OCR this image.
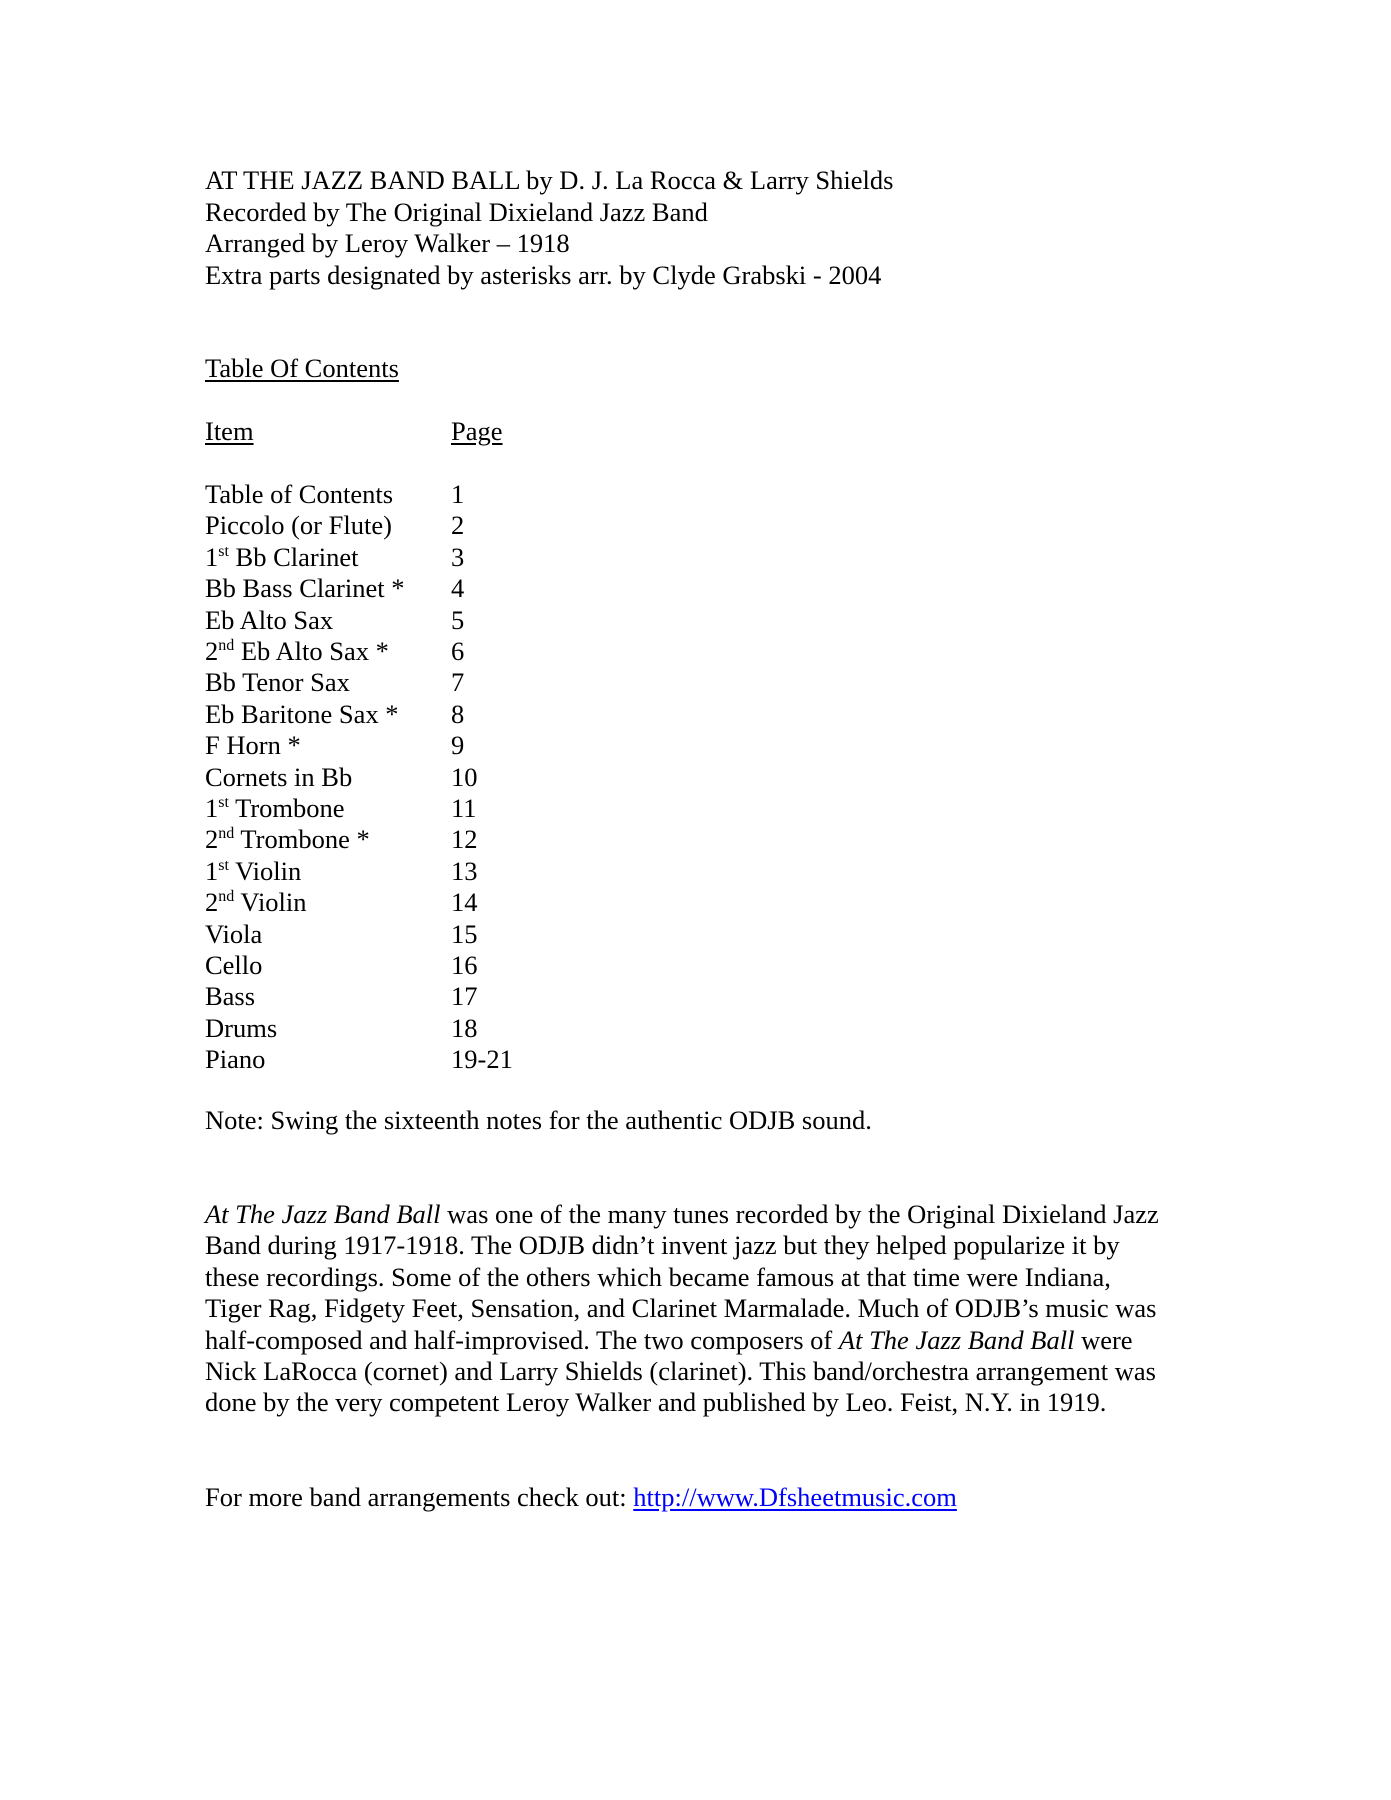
AT THE JAZZ BAND BALL by D. J. La Rocca & Larry Shields
Recorded by The Original Dixieland Jazz Band
Arranged by Leroy Walker – 1918
Extra parts designated by asterisks arr. by Clyde Grabski - 2004
Table Of Contents
Item	Page
Table of Contents 1
Piccolo (or Flute) 2
1st Bb Clarinet	3
Bb Bass Clarinet * 4
Eb Alto Sax	5
2nd Eb Alto Sax * 6
Bb Tenor Sax	7
Eb Baritone Sax * 8
F Horn *	9
Cornets in Bb	10
1st Trombone	11
2nd Trombone *	12
1st Violin	13
2nd Violin	14
Viola	15
Cello	16
Bass	17
Drums	18
Piano	19-21
Note: Swing the sixteenth notes for the authentic ODJB sound.
At The Jazz Band Ball was one of the many tunes recorded by the Original Dixieland Jazz
Band during 1917-1918. The ODJB didn’t invent jazz but they helped popularize it by
these recordings. Some of the others which became famous at that time were Indiana,
Tiger Rag, Fidgety Feet, Sensation, and Clarinet Marmalade. Much of ODJB’s music was
half-composed and half-improvised. The two composers of At The Jazz Band Ball were
Nick LaRocca (cornet) and Larry Shields (clarinet). This band/orchestra arrangement was
done by the very competent Leroy Walker and published by Leo. Feist, N.Y. in 1919.
For more band arrangements check out: http://www.Dfsheetmusic.com
